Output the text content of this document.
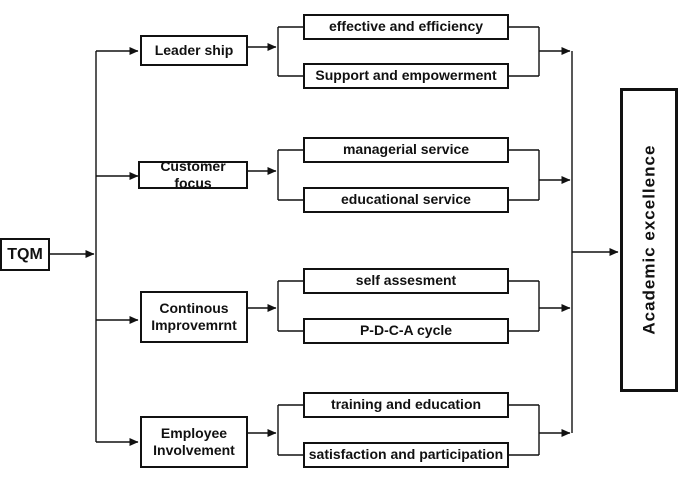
TQM
Leader ship
Customer focus
Continous
Improvemrnt
Employee
Involvement
effective and efficiency
Support and empowerment
managerial service
educational service
self assesment
P-D-C-A cycle
training and education
satisfaction and participation
Academic excellence
